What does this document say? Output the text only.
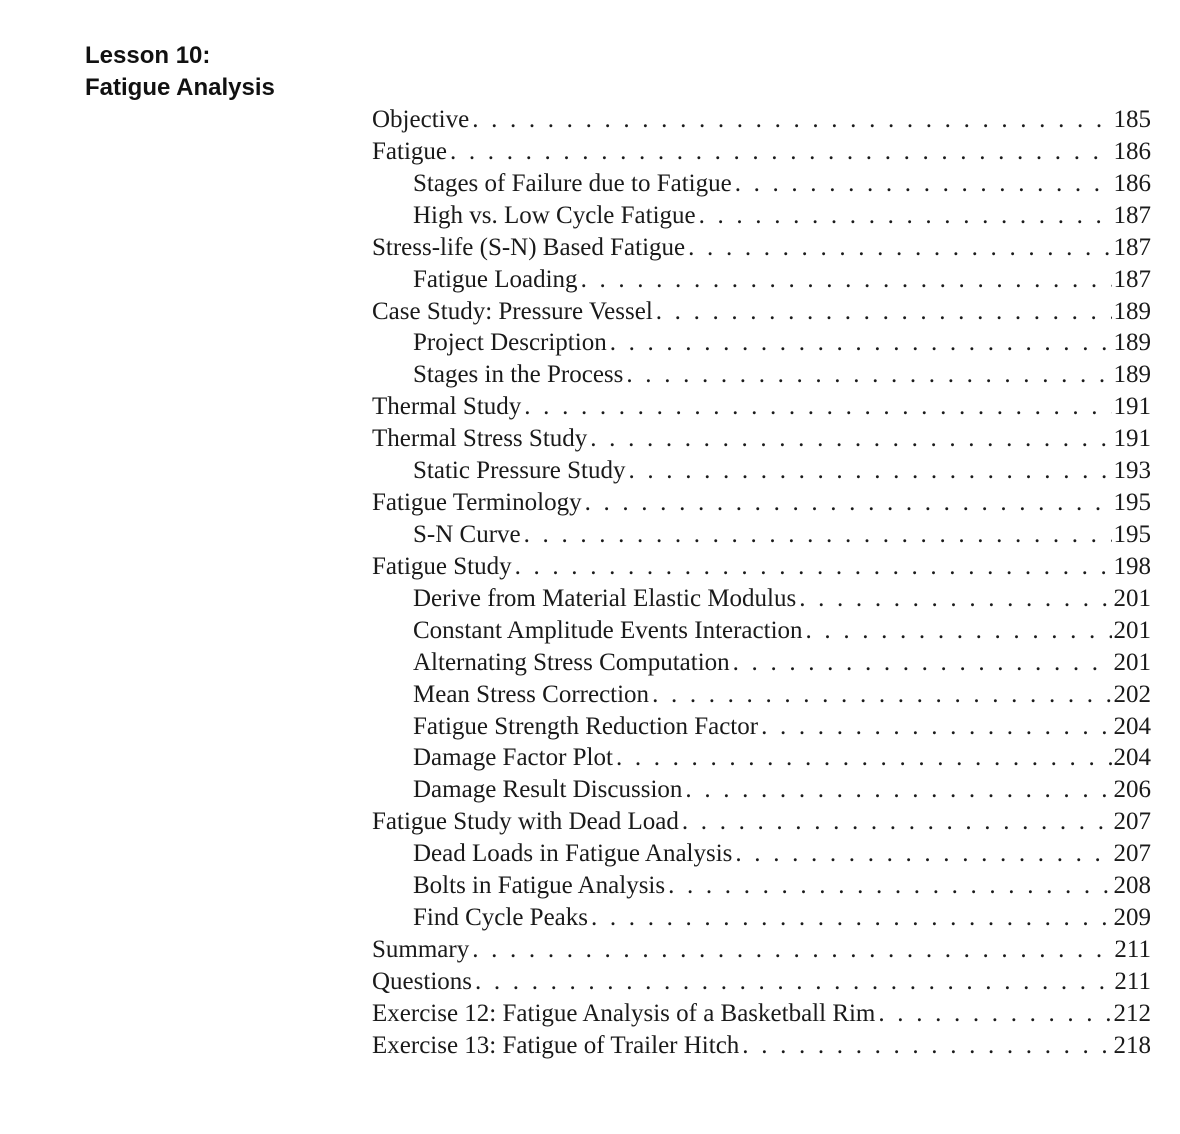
Lesson 10:
Fatigue Analysis
Objective . . .	185
Fatigue . . .	186
Stages of Failure due to Fatigue . . .	186
High vs. Low Cycle Fatigue . . .	187
Stress-life (S-N) Based Fatigue . . .	187
Fatigue Loading . . .	187
Case Study: Pressure Vessel . . .	189
Project Description . . .	189
Stages in the Process . . .	189
Thermal Study . . .	191
Thermal Stress Study . . .	191
Static Pressure Study . . .	193
Fatigue Terminology . . .	195
S-N Curve . . .	195
Fatigue Study . . .	198
Derive from Material Elastic Modulus . . .	201
Constant Amplitude Events Interaction . . .	201
Alternating Stress Computation . . .	201
Mean Stress Correction . . .	202
Fatigue Strength Reduction Factor . . .	204
Damage Factor Plot . . .	204
Damage Result Discussion . . .	206
Fatigue Study with Dead Load . . .	207
Dead Loads in Fatigue Analysis . . .	207
Bolts in Fatigue Analysis . . .	208
Find Cycle Peaks . . .	209
Summary . . .	211
Questions . . .	211
Exercise 12: Fatigue Analysis of a Basketball Rim . . .	212
Exercise 13: Fatigue of Trailer Hitch . . .	218
